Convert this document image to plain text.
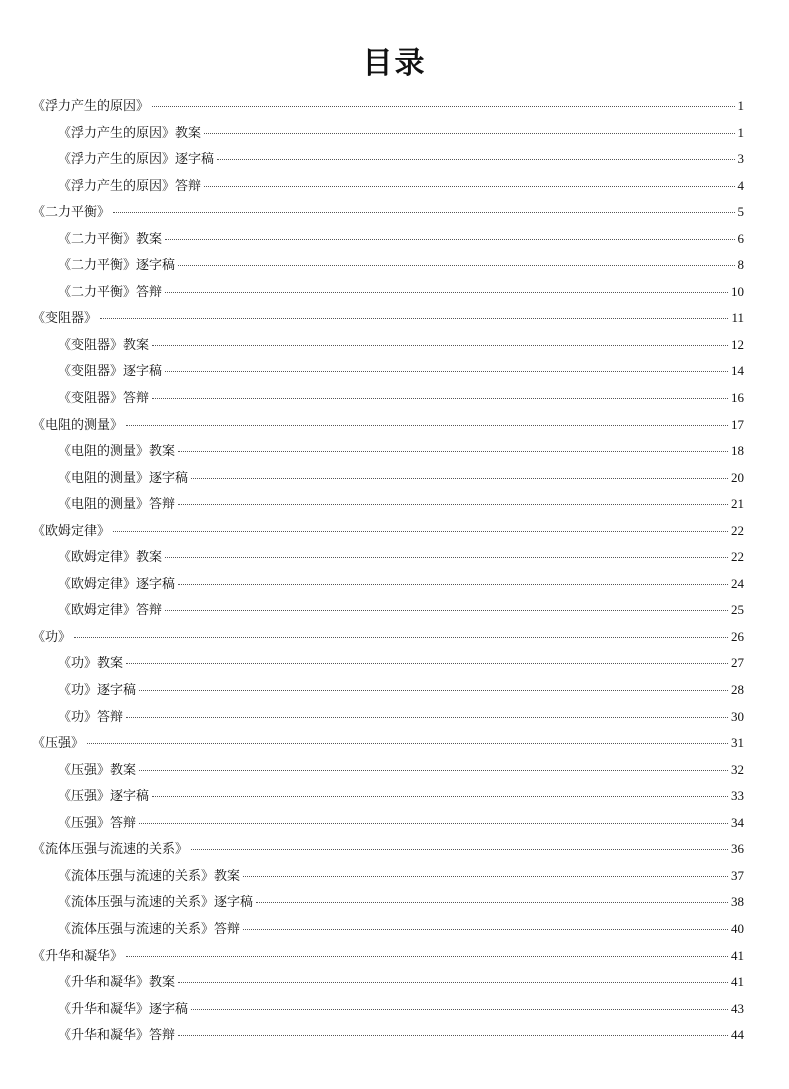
目录
《浮力产生的原因》	1
《浮力产生的原因》教案	1
《浮力产生的原因》逐字稿	3
《浮力产生的原因》答辩	4
《二力平衡》	5
《二力平衡》教案	6
《二力平衡》逐字稿	8
《二力平衡》答辩	10
《变阻器》	11
《变阻器》教案	12
《变阻器》逐字稿	14
《变阻器》答辩	16
《电阻的测量》	17
《电阻的测量》教案	18
《电阻的测量》逐字稿	20
《电阻的测量》答辩	21
《欧姆定律》	22
《欧姆定律》教案	22
《欧姆定律》逐字稿	24
《欧姆定律》答辩	25
《功》	26
《功》教案	27
《功》逐字稿	28
《功》答辩	30
《压强》	31
《压强》教案	32
《压强》逐字稿	33
《压强》答辩	34
《流体压强与流速的关系》	36
《流体压强与流速的关系》教案	37
《流体压强与流速的关系》逐字稿	38
《流体压强与流速的关系》答辩	40
《升华和凝华》	41
《升华和凝华》教案	41
《升华和凝华》逐字稿	43
《升华和凝华》答辩	44
